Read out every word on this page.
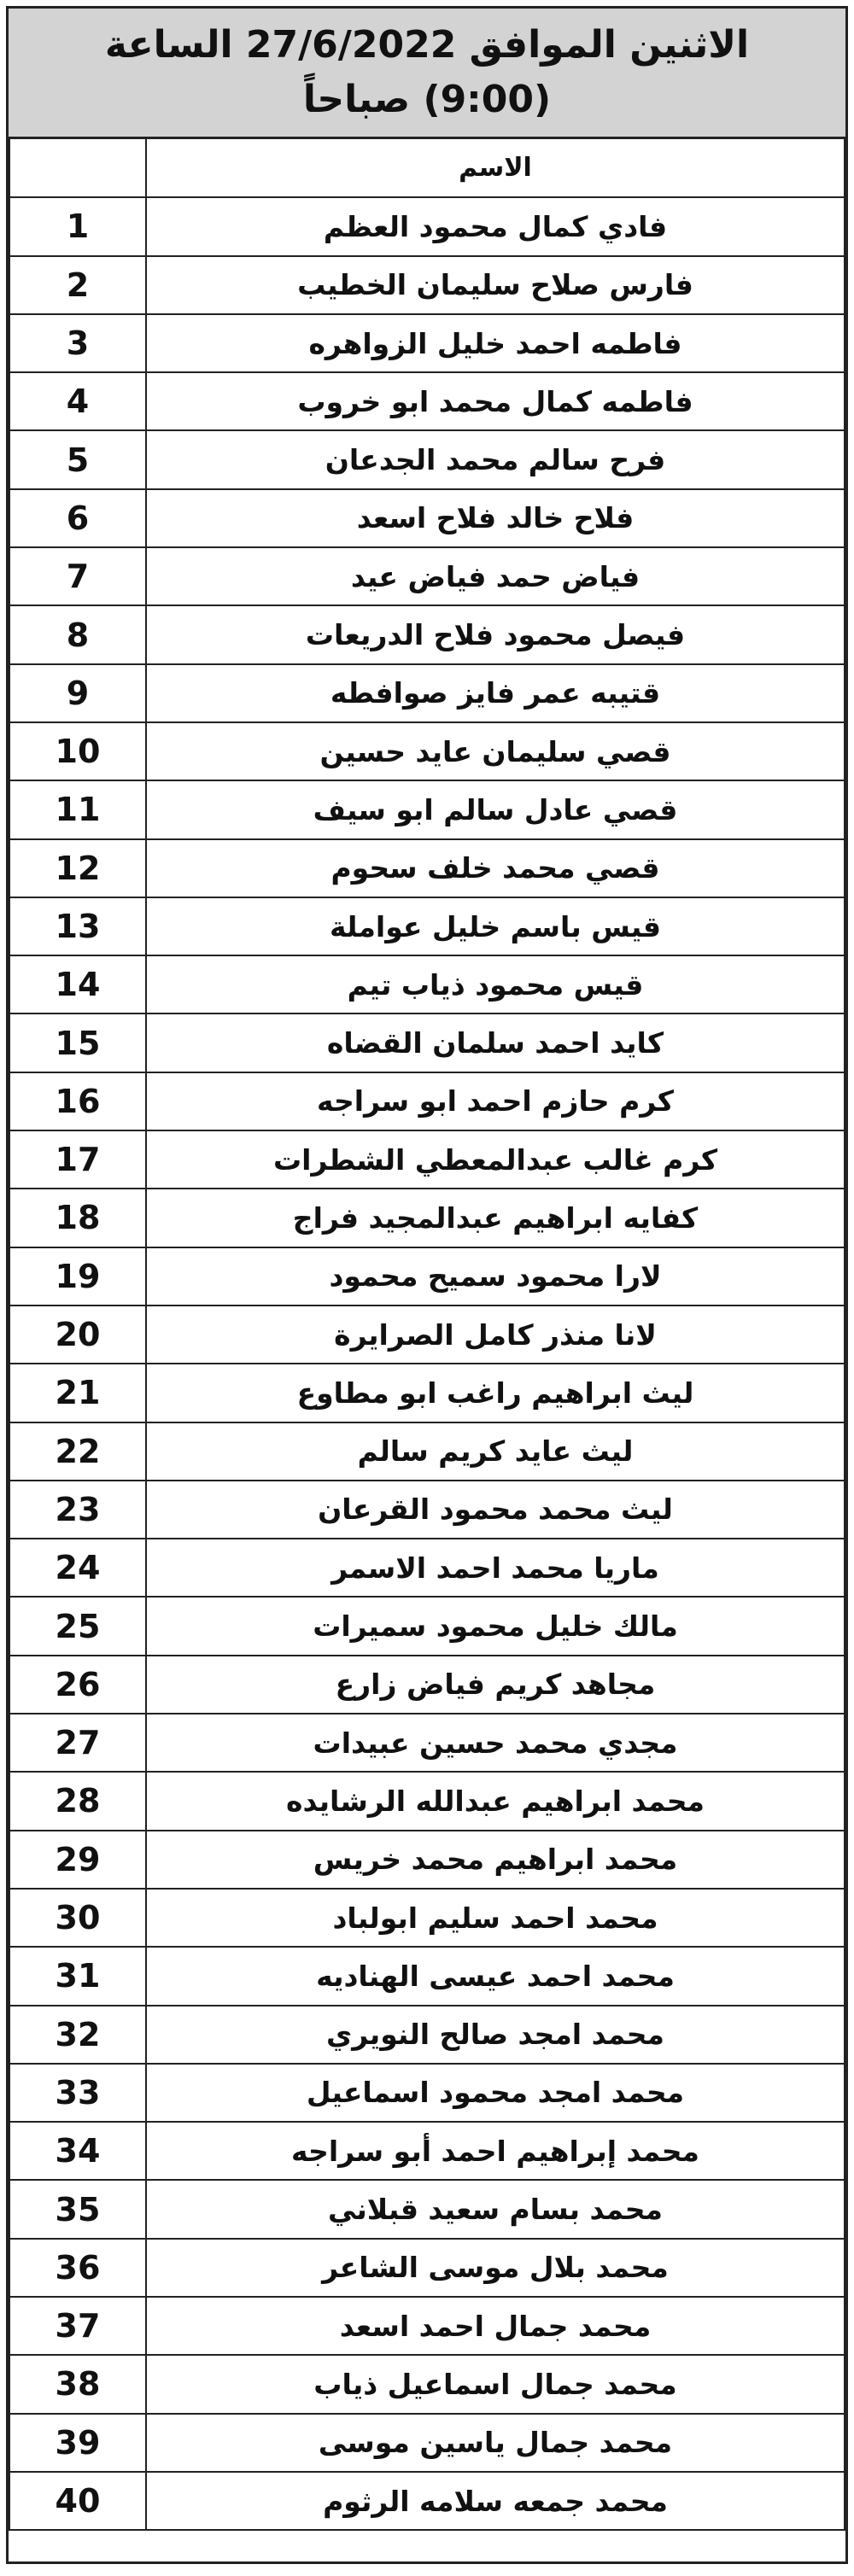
الاثنين الموافق 27/6/2022 الساعة
(9:00) صباحاً
الاسم	
فادي كمال محمود العظم	1
فارس صلاح سليمان الخطيب	2
فاطمه احمد خليل الزواهره	3
فاطمه كمال محمد ابو خروب	4
فرح سالم محمد الجدعان	5
فلاح خالد فلاح اسعد	6
فياض حمد فياض عيد	7
فيصل محمود فلاح الدريعات	8
قتيبه عمر فايز صوافطه	9
قصي سليمان عايد حسين	10
قصي عادل سالم ابو سيف	11
قصي محمد خلف سحوم	12
قيس باسم خليل عواملة	13
قيس محمود ذياب تيم	14
كايد احمد سلمان القضاه	15
كرم حازم احمد ابو سراجه	16
كرم غالب عبدالمعطي الشطرات	17
كفايه ابراهيم عبدالمجيد فراج	18
لارا محمود سميح محمود	19
لانا منذر كامل الصرايرة	20
ليث ابراهيم راغب ابو مطاوع	21
ليث عايد كريم سالم	22
ليث محمد محمود القرعان	23
ماريا محمد احمد الاسمر	24
مالك خليل محمود سميرات	25
مجاهد كريم فياض زارع	26
مجدي محمد حسين عبيدات	27
محمد ابراهيم عبدالله الرشايده	28
محمد ابراهيم محمد خريس	29
محمد احمد سليم ابولباد	30
محمد احمد عيسى الهناديه	31
محمد امجد صالح النويري	32
محمد امجد محمود اسماعيل	33
محمد إبراهيم احمد أبو سراجه	34
محمد بسام سعيد قبلاني	35
محمد بلال موسى الشاعر	36
محمد جمال احمد اسعد	37
محمد جمال اسماعيل ذياب	38
محمد جمال ياسين موسى	39
محمد جمعه سلامه الرثوم	40
